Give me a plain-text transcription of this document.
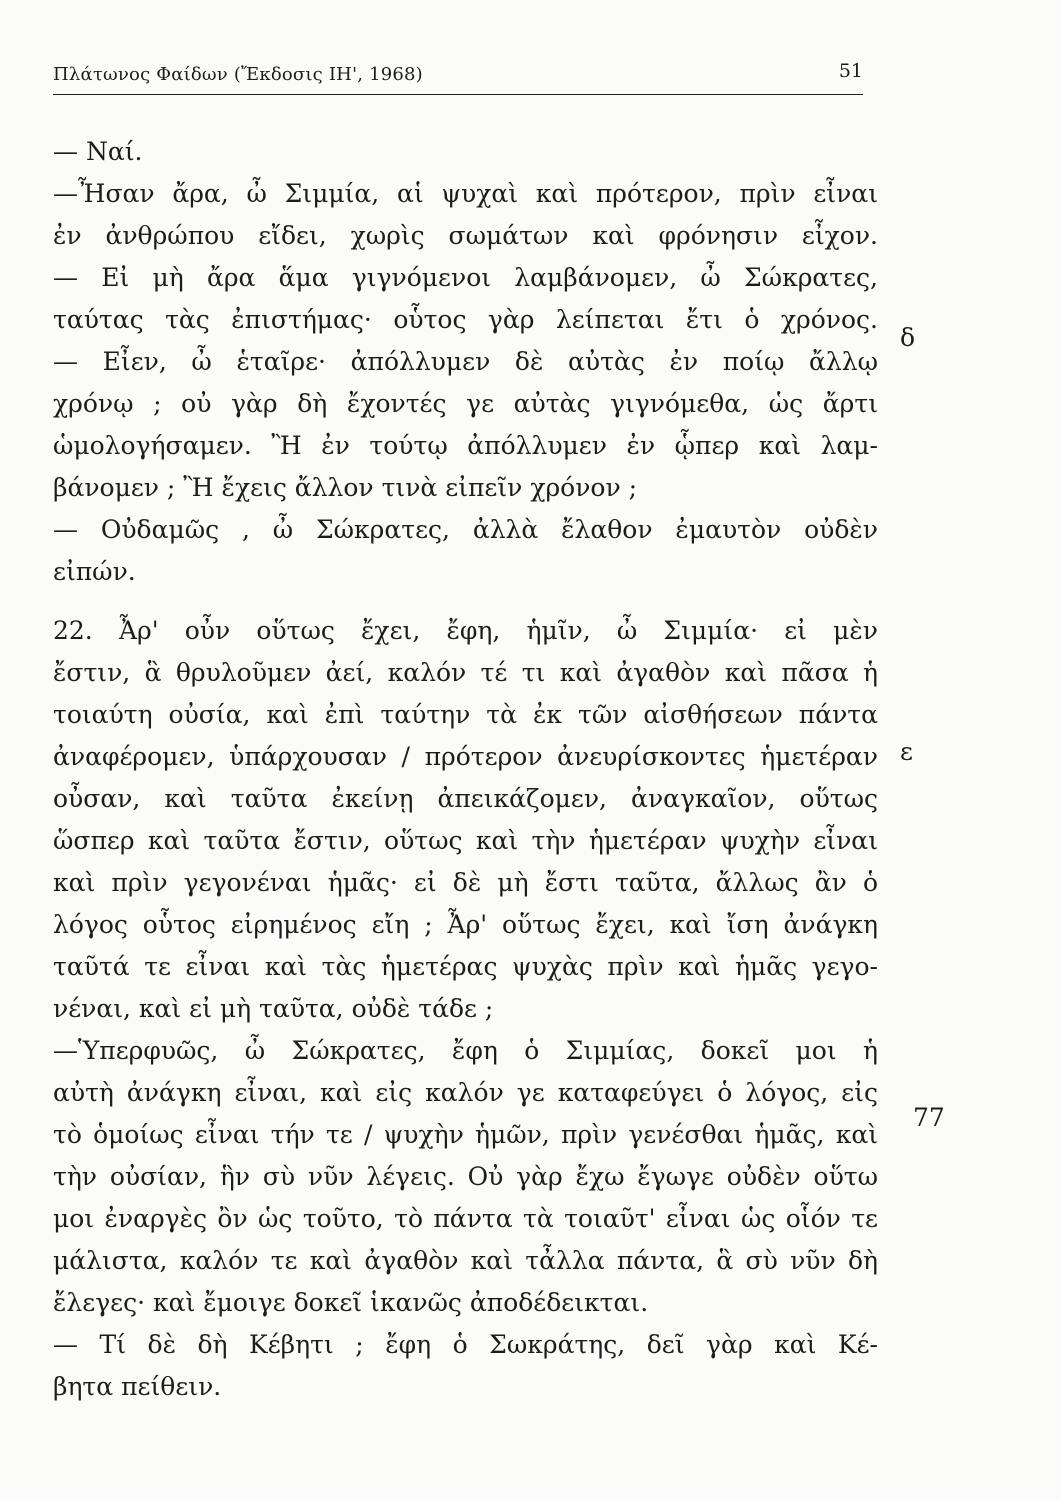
Πλάτωνος Φαίδων (Ἔκδοσις ΙΗ', 1968)	51
— Ναί.
—Ἦσαν ἄρα, ὦ Σιμμία, αἱ ψυχαὶ καὶ πρότερον, πρὶν εἶναι
ἐν ἀνθρώπου εἴδει, χωρὶς σωμάτων καὶ φρόνησιν εἶχον.
— Εἰ μὴ ἄρα ἅμα γιγνόμενοι λαμβάνομεν, ὦ Σώκρατες,
ταύτας τὰς ἐπιστήμας· οὗτος γὰρ λείπεται ἔτι ὁ χρόνος.
— Εἶεν, ὦ ἑταῖρε· ἀπόλλυμεν δὲ αὐτὰς ἐν ποίῳ ἄλλῳ
χρόνῳ ; οὐ γὰρ δὴ ἔχοντές γε αὐτὰς γιγνόμεθα, ὡς ἄρτι
ὡμολογήσαμεν. Ἢ ἐν τούτῳ ἀπόλλυμεν ἐν ᾧπερ καὶ λαμ-
βάνομεν ; Ἢ ἔχεις ἄλλον τινὰ εἰπεῖν χρόνον ;
— Οὐδαμῶς , ὦ Σώκρατες, ἀλλὰ ἔλαθον ἐμαυτὸν οὐδὲν
εἰπών.
22. Ἆρ' οὖν οὕτως ἔχει, ἔφη, ἡμῖν, ὦ Σιμμία· εἰ μὲν
ἔστιν, ἃ θρυλοῦμεν ἀεί, καλόν τέ τι καὶ ἀγαθὸν καὶ πᾶσα ἡ
τοιαύτη οὐσία, καὶ ἐπὶ ταύτην τὰ ἐκ τῶν αἰσθήσεων πάντα
ἀναφέρομεν, ὑπάρχουσαν / πρότερον ἀνευρίσκοντες ἡμετέραν
οὖσαν, καὶ ταῦτα ἐκείνῃ ἀπεικάζομεν, ἀναγκαῖον, οὕτως
ὥσπερ καὶ ταῦτα ἔστιν, οὕτως καὶ τὴν ἡμετέραν ψυχὴν εἶναι
καὶ πρὶν γεγονέναι ἡμᾶς· εἰ δὲ μὴ ἔστι ταῦτα, ἄλλως ἂν ὁ
λόγος οὗτος εἰρημένος εἴη ; Ἆρ' οὕτως ἔχει, καὶ ἴση ἀνάγκη
ταῦτά τε εἶναι καὶ τὰς ἡμετέρας ψυχὰς πρὶν καὶ ἡμᾶς γεγο-
νέναι, καὶ εἰ μὴ ταῦτα, οὐδὲ τάδε ;
—Ὑπερφυῶς, ὦ Σώκρατες, ἔφη ὁ Σιμμίας, δοκεῖ μοι ἡ
αὐτὴ ἀνάγκη εἶναι, καὶ εἰς καλόν γε καταφεύγει ὁ λόγος, εἰς
τὸ ὁμοίως εἶναι τήν τε / ψυχὴν ἡμῶν, πρὶν γενέσθαι ἡμᾶς, καὶ
τὴν οὐσίαν, ἣν σὺ νῦν λέγεις. Οὐ γὰρ ἔχω ἔγωγε οὐδὲν οὕτω
μοι ἐναργὲς ὂν ὡς τοῦτο, τὸ πάντα τὰ τοιαῦτ' εἶναι ὡς οἷόν τε
μάλιστα, καλόν τε καὶ ἀγαθὸν καὶ τἆλλα πάντα, ἃ σὺ νῦν δὴ
ἔλεγες· καὶ ἔμοιγε δοκεῖ ἱκανῶς ἀποδέδεικται.
— Τί δὲ δὴ Κέβητι ; ἔφη ὁ Σωκράτης, δεῖ γὰρ καὶ Κέ-
βητα πείθειν.
δ
ε
77
